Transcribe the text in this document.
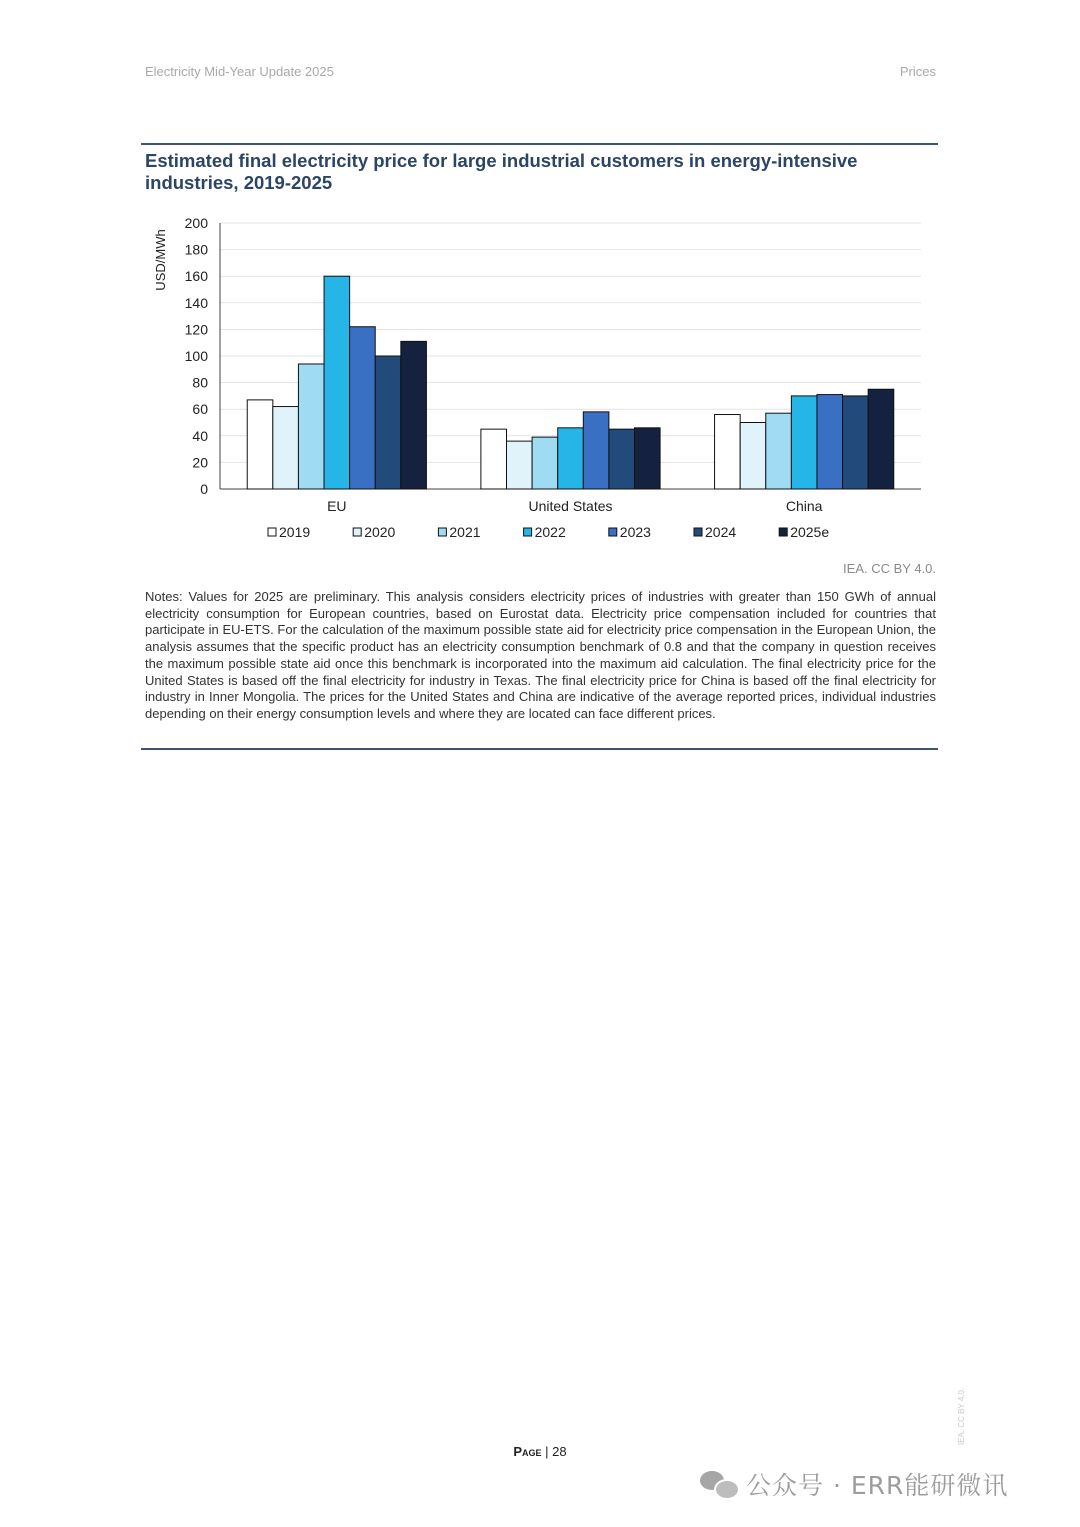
Electricity Mid-Year Update 2025	Prices
Estimated final electricity price for large industrial customers in energy-intensive industries, 2019-2025
0
20
40
60
80
100
120
140
160
180
200
USD/MWh
EU	United States	China
2019	2020	2021	2022	2023	2024	2025e
IEA. CC BY 4.0.
Notes: Values for 2025 are preliminary. This analysis considers electricity prices of industries with greater than 150 GWh of annual electricity consumption for European countries, based on Eurostat data. Electricity price compensation included for countries that participate in EU-ETS. For the calculation of the maximum possible state aid for electricity price compensation in the European Union, the analysis assumes that the specific product has an electricity consumption benchmark of 0.8 and that the company in question receives the maximum possible state aid once this benchmark is incorporated into the maximum aid calculation. The final electricity price for the United States is based off the final electricity for industry in Texas. The final electricity price for China is based off the final electricity for industry in Inner Mongolia. The prices for the United States and China are indicative of the average reported prices, individual industries depending on their energy consumption levels and where they are located can face different prices.
Page | 28
IEA. CC BY 4.0.
公众号 · ERR能研微讯
